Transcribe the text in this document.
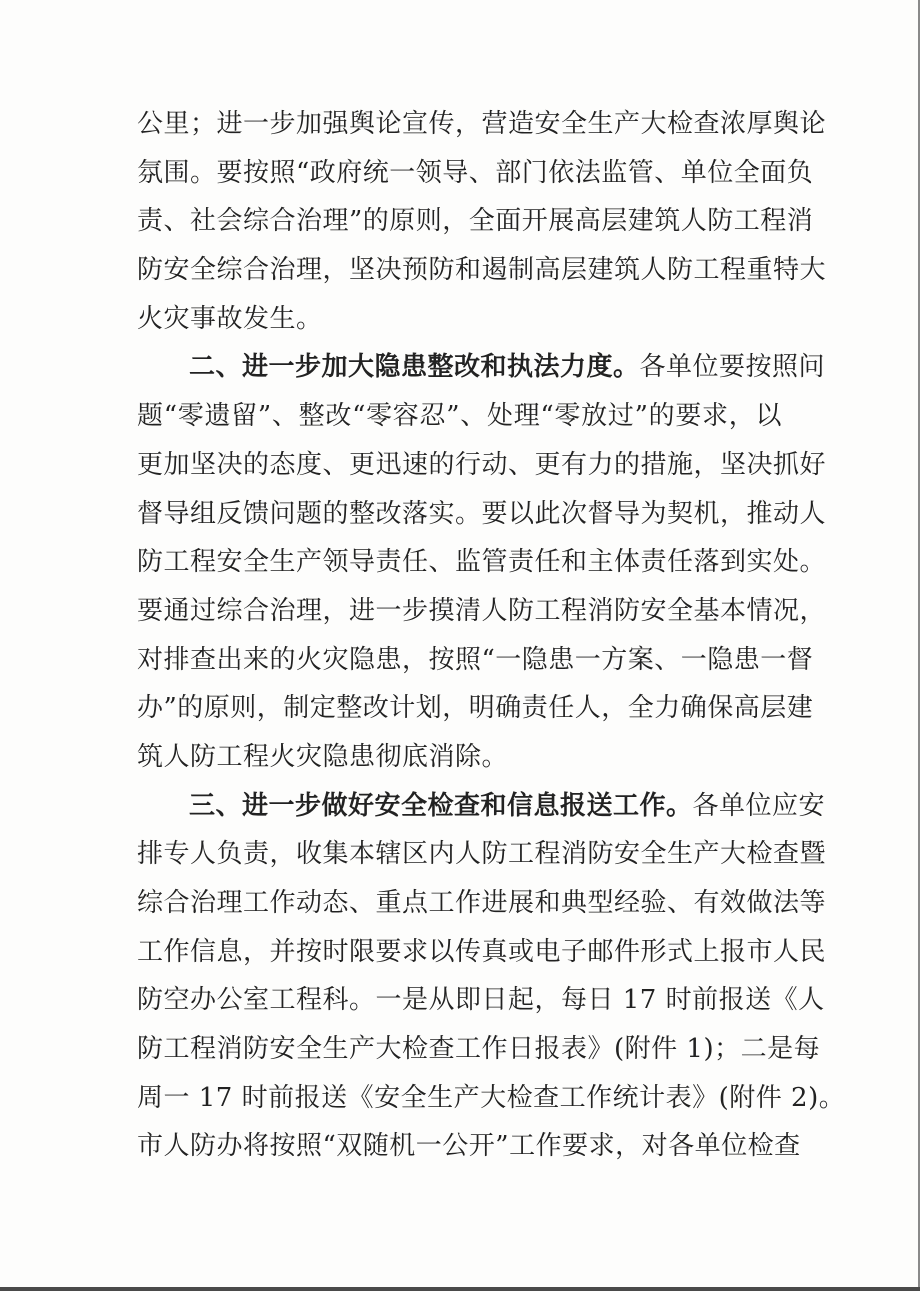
公里；进一步加强舆论宣传，营造安全生产大检查浓厚舆论
氛围。要按照“政府统一领导、部门依法监管、单位全面负
责、社会综合治理”的原则，全面开展高层建筑人防工程消
防安全综合治理，坚决预防和遏制高层建筑人防工程重特大
火灾事故发生。
二、进一步加大隐患整改和执法力度。各单位要按照问
题“零遗留”、整改“零容忍”、处理“零放过”的要求，以
更加坚决的态度、更迅速的行动、更有力的措施，坚决抓好
督导组反馈问题的整改落实。要以此次督导为契机，推动人
防工程安全生产领导责任、监管责任和主体责任落到实处。
要通过综合治理，进一步摸清人防工程消防安全基本情况，
对排查出来的火灾隐患，按照“一隐患一方案、一隐患一督
办”的原则，制定整改计划，明确责任人，全力确保高层建
筑人防工程火灾隐患彻底消除。
三、进一步做好安全检查和信息报送工作。各单位应安
排专人负责，收集本辖区内人防工程消防安全生产大检查暨
综合治理工作动态、重点工作进展和典型经验、有效做法等
工作信息，并按时限要求以传真或电子邮件形式上报市人民
防空办公室工程科。一是从即日起，每日 17 时前报送《人
防工程消防安全生产大检查工作日报表》(附件 1)；二是每
周一 17 时前报送《安全生产大检查工作统计表》(附件 2)。
市人防办将按照“双随机一公开”工作要求，对各单位检查
